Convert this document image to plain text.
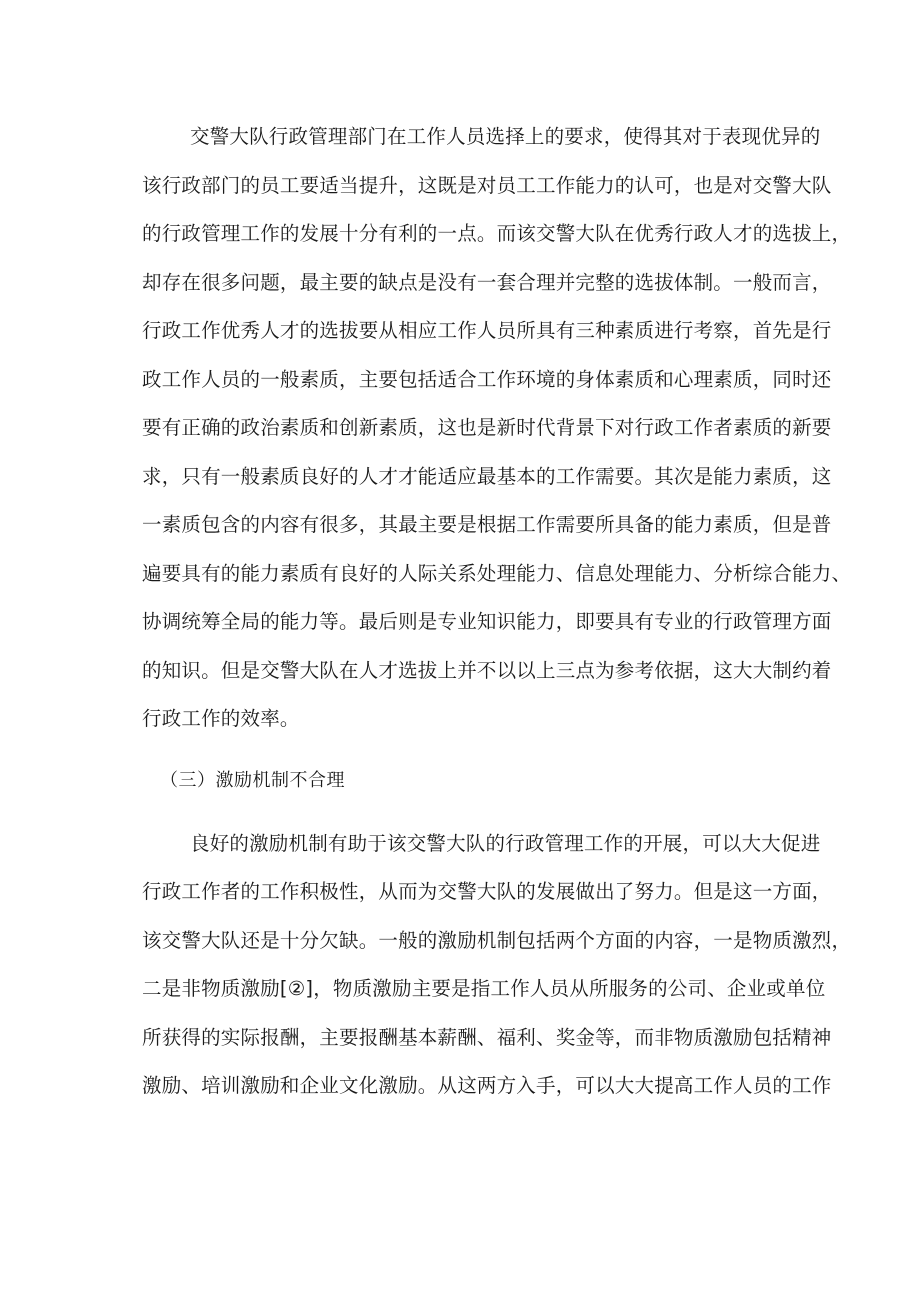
交警大队行政管理部门在工作人员选择上的要求，使得其对于表现优异的
该行政部门的员工要适当提升，这既是对员工工作能力的认可，也是对交警大队
的行政管理工作的发展十分有利的一点。而该交警大队在优秀行政人才的选拔上，
却存在很多问题，最主要的缺点是没有一套合理并完整的选拔体制。一般而言，
行政工作优秀人才的选拔要从相应工作人员所具有三种素质进行考察，首先是行
政工作人员的一般素质，主要包括适合工作环境的身体素质和心理素质，同时还
要有正确的政治素质和创新素质，这也是新时代背景下对行政工作者素质的新要
求，只有一般素质良好的人才才能适应最基本的工作需要。其次是能力素质，这
一素质包含的内容有很多，其最主要是根据工作需要所具备的能力素质，但是普
遍要具有的能力素质有良好的人际关系处理能力、信息处理能力、分析综合能力、
协调统筹全局的能力等。最后则是专业知识能力，即要具有专业的行政管理方面
的知识。但是交警大队在人才选拔上并不以以上三点为参考依据，这大大制约着
行政工作的效率。
（三）激励机制不合理
良好的激励机制有助于该交警大队的行政管理工作的开展，可以大大促进
行政工作者的工作积极性，从而为交警大队的发展做出了努力。但是这一方面，
该交警大队还是十分欠缺。一般的激励机制包括两个方面的内容，一是物质激烈，
二是非物质激励[②]，物质激励主要是指工作人员从所服务的公司、企业或单位
所获得的实际报酬，主要报酬基本薪酬、福利、奖金等，而非物质激励包括精神
激励、培训激励和企业文化激励。从这两方入手，可以大大提高工作人员的工作
